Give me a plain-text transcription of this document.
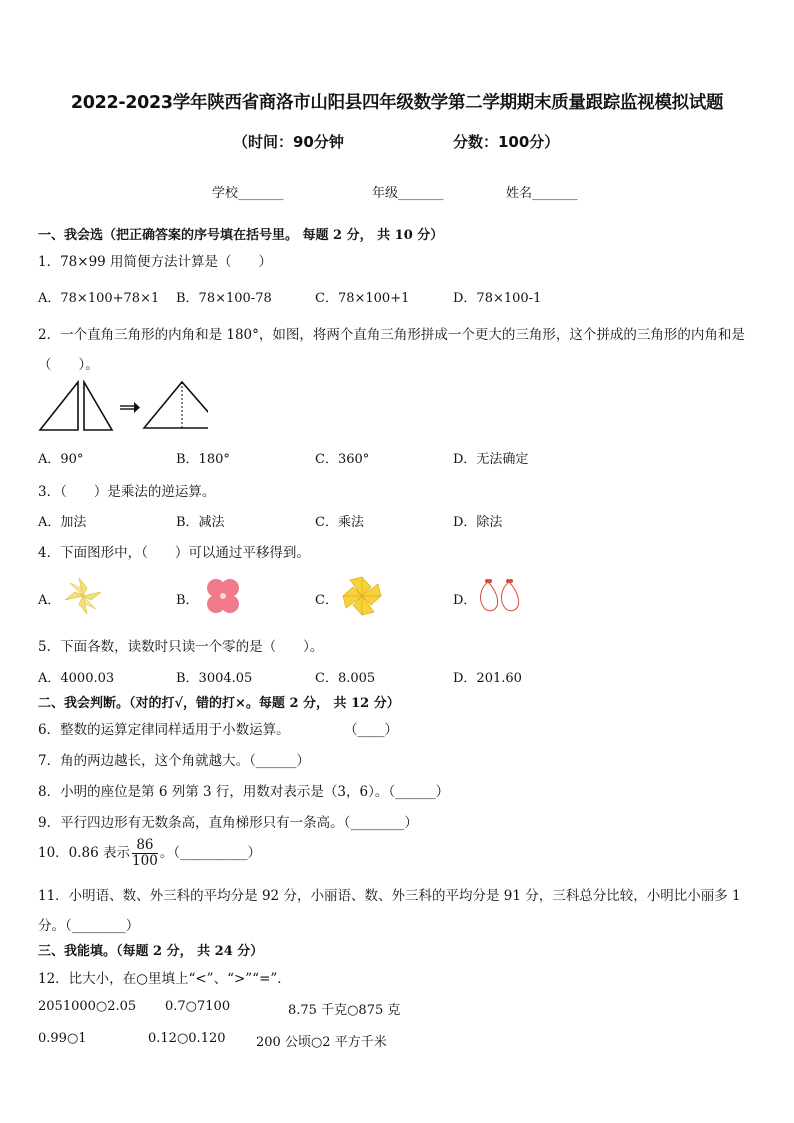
2022-2023学年陕西省商洛市山阳县四年级数学第二学期期末质量跟踪监视模拟试题
（时间：90分钟	分数：100分）
学校_______	年级_______	姓名_______
一、我会选（把正确答案的序号填在括号里。 每题 2 分， 共 10 分）
1．78×99 用简便方法计算是（　　）
A．78×100+78×1 B．78×100-78	C．78×100+1	D．78×100-1
2．一个直角三角形的内角和是 180°，如图，将两个直角三角形拼成一个更大的三角形，这个拼成的三角形的内角和是
（　　）。
A．90°	B．180°	C．360°	D．无法确定
3．（　　）是乘法的逆运算。
A．加法	B．减法	C．乘法	D．除法
4．下面图形中，（　　）可以通过平移得到。
A．	B．	C．	D．
5．下面各数，读数时只读一个零的是（　　）。
A．4000.03	B．3004.05	C．8.005	D．201.60
二、我会判断。（对的打√，错的打×。每题 2 分， 共 12 分）
6．整数的运算定律同样适用于小数运算。	（____）
7．角的两边越长，这个角就越大。（______）
8．小明的座位是第 6 列第 3 行，用数对表示是（3，6）。（______）
9．平行四边形有无数条高，直角梯形只有一条高。（________）
10．0.86 表示 $\frac{86}{100}$ 。（__________）
11．小明语、数、外三科的平均分是 92 分，小丽语、数、外三科的平均分是 91 分，三科总分比较，小明比小丽多 1
分。（________）
三、我能填。（每题 2 分， 共 24 分）
12．比大小，在○里填上“<”、“>”“=”．
2051000○2.05 0.7○7100	8.75 千克○875 克
0.99○1	0.12○0.120 200 公顷○2 平方千米
